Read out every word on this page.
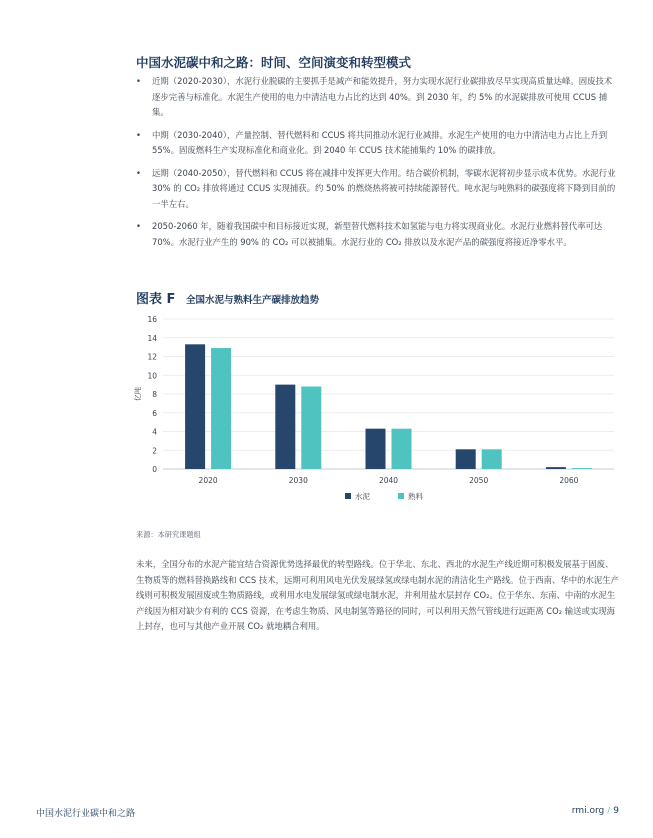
中国水泥碳中和之路：时间、空间演变和转型模式
• 近期（2020-2030），水泥行业脱碳的主要抓手是减产和能效提升，努力实现水泥行业碳排放尽早实现高质量达峰。固废技术逐步完善与标准化。水泥生产使用的电力中清洁电力占比约达到 40%。到 2030 年，约 5% 的水泥碳排放可使用 CCUS 捕集。
• 中期（2030-2040），产量控制、替代燃料和 CCUS 将共同推动水泥行业减排。水泥生产使用的电力中清洁电力占比上升到 55%。固废燃料生产实现标准化和商业化。到 2040 年 CCUS 技术能捕集约 10% 的碳排放。
• 远期（2040-2050），替代燃料和 CCUS 将在减排中发挥更大作用。结合碳价机制，零碳水泥将初步显示成本优势。水泥行业 30% 的 CO₂ 排放将通过 CCUS 实现捕获。约 50% 的燃烧热将被可持续能源替代。吨水泥与吨熟料的碳强度将下降到目前的一半左右。
• 2050-2060 年，随着我国碳中和目标接近实现，新型替代燃料技术如氢能与电力将实现商业化。水泥行业燃料替代率可达 70%。水泥行业产生的 90% 的 CO₂ 可以被捕集。水泥行业的 CO₂ 排放以及水泥产品的碳强度将接近净零水平。
图表 F 全国水泥与熟料生产碳排放趋势
0
2
4
6
8
10
12
14
16
亿吨
2020	2030	2040	2050	2060
水泥	熟料
来源：本研究课题组

未来，全国分布的水泥产能宜结合资源优势选择最优的转型路线。位于华北、东北、西北的水泥生产线近期可积极发展基于固废、生物质等的燃料替换路线和 CCS 技术，远期可利用风电光伏发展绿氢或绿电制水泥的清洁化生产路线。位于西南、华中的水泥生产线则可积极发展固废或生物质路线，或利用水电发展绿氢或绿电制水泥，并利用盐水层封存 CO₂。位于华东、东南、中南的水泥生产线因为相对缺少有利的 CCS 资源，在考虑生物质、风电制氢等路径的同时，可以利用天然气管线进行远距离 CO₂ 输送或实现海上封存，也可与其他产业开展 CO₂ 就地耦合利用。

中国水泥行业碳中和之路	rmi.org / 9
